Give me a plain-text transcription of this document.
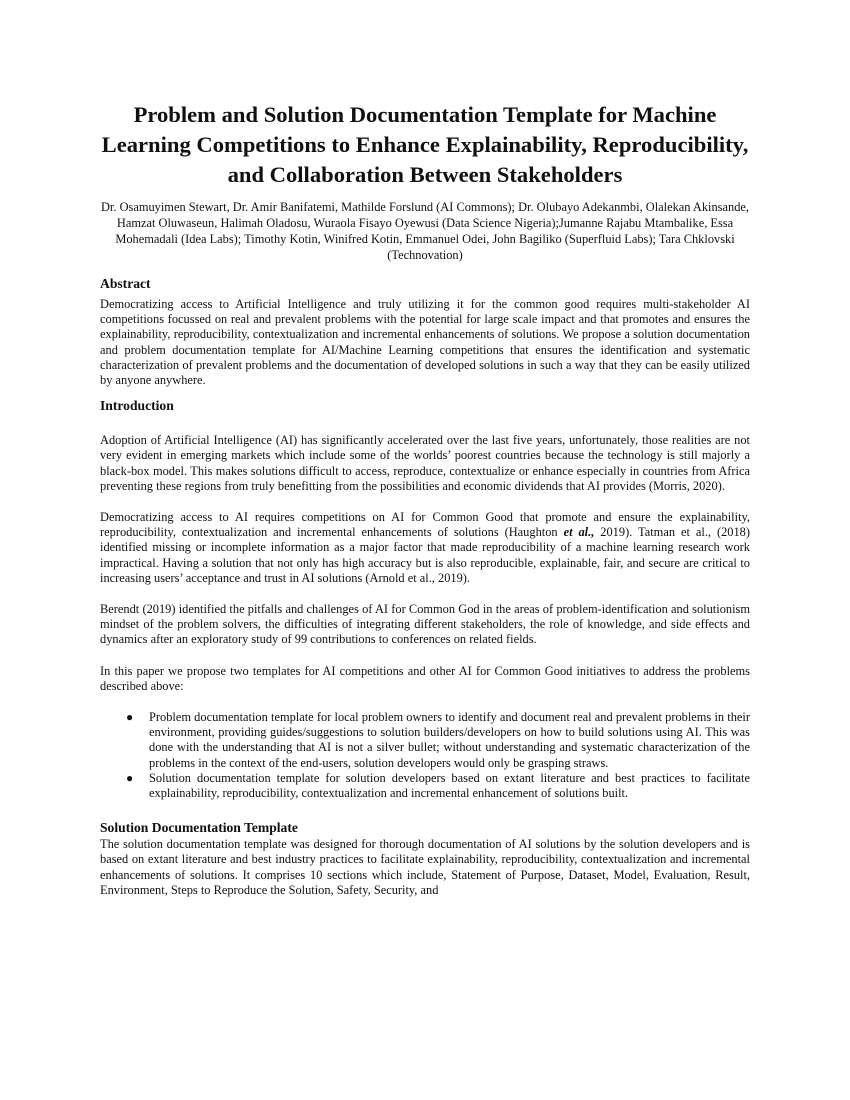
Problem and Solution Documentation Template for Machine Learning Competitions to Enhance Explainability, Reproducibility, and Collaboration Between Stakeholders
Dr. Osamuyimen Stewart, Dr. Amir Banifatemi, Mathilde Forslund (AI Commons); Dr. Olubayo Adekanmbi, Olalekan Akinsande, Hamzat Oluwaseun, Halimah Oladosu, Wuraola Fisayo Oyewusi (Data Science Nigeria);Jumanne Rajabu Mtambalike, Essa Mohemadali (Idea Labs); Timothy Kotin, Winifred Kotin, Emmanuel Odei, John Bagiliko (Superfluid Labs); Tara Chklovski (Technovation)
Abstract

Democratizing access to Artificial Intelligence and truly utilizing it for the common good requires multi-stakeholder AI competitions focussed on real and prevalent problems with the potential for large scale impact and that promotes and ensures the explainability, reproducibility, contextualization and incremental enhancements of solutions. We propose a solution documentation and problem documentation template for AI/Machine Learning competitions that ensures the identification and systematic characterization of prevalent problems and the documentation of developed solutions in such a way that they can be easily utilized by anyone anywhere.

Introduction

Adoption of Artificial Intelligence (AI) has significantly accelerated over the last five years, unfortunately, those realities are not very evident in emerging markets which include some of the worlds’ poorest countries because the technology is still majorly a black-box model. This makes solutions difficult to access, reproduce, contextualize or enhance especially in countries from Africa preventing these regions from truly benefitting from the possibilities and economic dividends that AI provides (Morris, 2020).

Democratizing access to AI requires competitions on AI for Common Good that promote and ensure the explainability, reproducibility, contextualization and incremental enhancements of solutions (Haughton et al., 2019). Tatman et al., (2018) identified missing or incomplete information as a major factor that made reproducibility of a machine learning research work impractical. Having a solution that not only has high accuracy but is also reproducible, explainable, fair, and secure are critical to increasing users’ acceptance and trust in AI solutions (Arnold et al., 2019).

Berendt (2019) identified the pitfalls and challenges of AI for Common God in the areas of problem-identification and solutionism mindset of the problem solvers, the difficulties of integrating different stakeholders, the role of knowledge, and side effects and dynamics after an exploratory study of 99 contributions to conferences on related fields.

In this paper we propose two templates for AI competitions and other AI for Common Good initiatives to address the problems described above:

● Problem documentation template for local problem owners to identify and document real and prevalent problems in their environment, providing guides/suggestions to solution builders/developers on how to build solutions using AI. This was done with the understanding that AI is not a silver bullet; without understanding and systematic characterization of the problems in the context of the end-users, solution developers would only be grasping straws.
● Solution documentation template for solution developers based on extant literature and best practices to facilitate explainability, reproducibility, contextualization and incremental enhancement of solutions built.
Solution Documentation Template

The solution documentation template was designed for thorough documentation of AI solutions by the solution developers and is based on extant literature and best industry practices to facilitate explainability, reproducibility, contextualization and incremental enhancements of solutions. It comprises 10 sections which include, Statement of Purpose, Dataset, Model, Evaluation, Result, Environment, Steps to Reproduce the Solution, Safety, Security, and
